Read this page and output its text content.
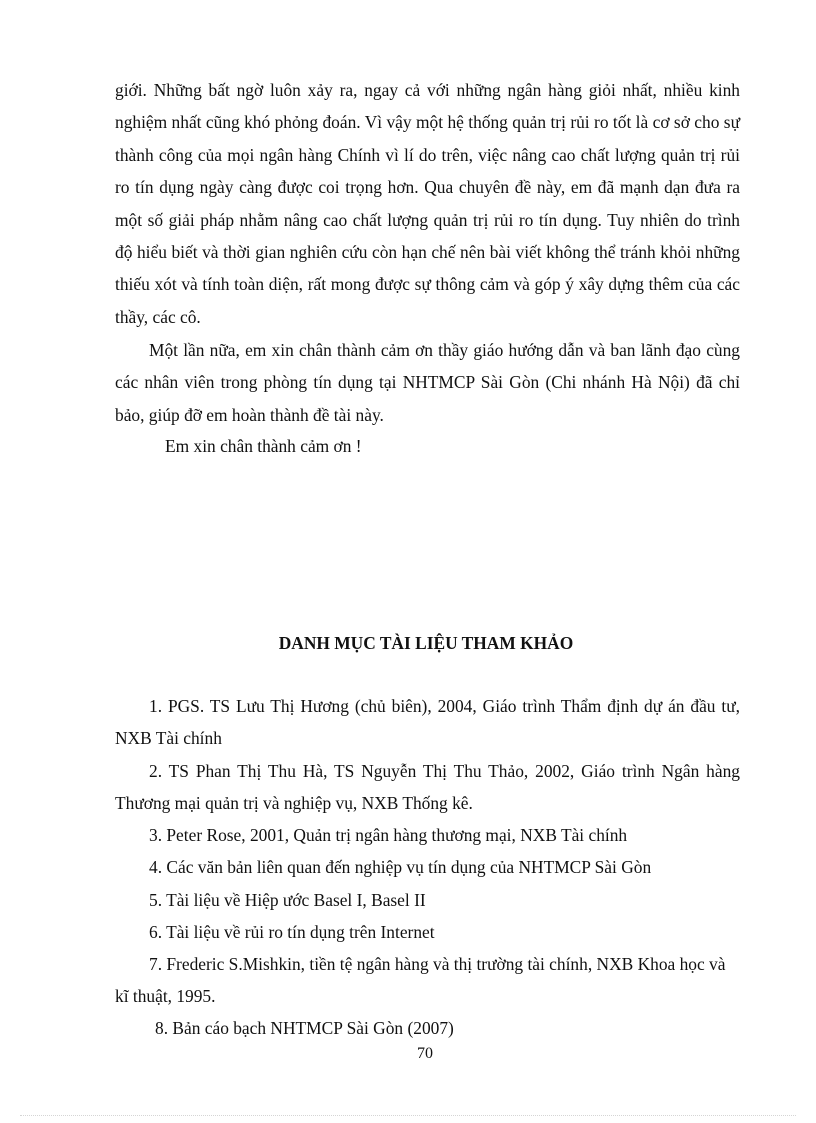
giới. Những bất ngờ luôn xảy ra, ngay cả với những ngân hàng giỏi nhất, nhiều kinh nghiệm nhất cũng khó phỏng đoán. Vì vậy một hệ thống quản trị rủi ro tốt là cơ sở cho sự thành công của mọi ngân hàng Chính vì lí do trên, việc nâng cao chất lượng quản trị rủi ro tín dụng ngày càng được coi trọng hơn. Qua chuyên đề này, em đã mạnh dạn đưa ra một số giải pháp nhằm nâng cao chất lượng quản trị rủi ro tín dụng. Tuy nhiên do trình độ hiểu biết và thời gian nghiên cứu còn hạn chế nên bài viết không thể tránh khỏi những thiếu xót và tính toàn diện, rất mong được sự thông cảm và góp ý xây dựng thêm của các thầy, các cô.

Một lần nữa, em xin chân thành cảm ơn thầy giáo hướng dẫn và ban lãnh đạo cùng các nhân viên trong phòng tín dụng tại NHTMCP Sài Gòn (Chi nhánh Hà Nội) đã chỉ bảo, giúp đỡ em hoàn thành đề tài này.

Em xin chân thành cảm ơn !

DANH MỤC TÀI LIỆU THAM KHẢO
1. PGS. TS Lưu Thị Hương (chủ biên), 2004, Giáo trình Thẩm định dự án đầu tư, NXB Tài chính
2. TS Phan Thị Thu Hà, TS Nguyễn Thị Thu Thảo, 2002, Giáo trình Ngân hàng Thương mại quản trị và nghiệp vụ, NXB Thống kê.
3. Peter Rose, 2001, Quản trị ngân hàng thương mại, NXB Tài chính
4. Các văn bản liên quan đến nghiệp vụ tín dụng của NHTMCP Sài Gòn
5. Tài liệu về Hiệp ước Basel I, Basel II
6. Tài liệu về rủi ro tín dụng trên Internet
7. Frederic S.Mishkin, tiền tệ ngân hàng và thị trường tài chính, NXB Khoa học và kĩ thuật, 1995.
8. Bản cáo bạch NHTMCP Sài Gòn (2007)

70
